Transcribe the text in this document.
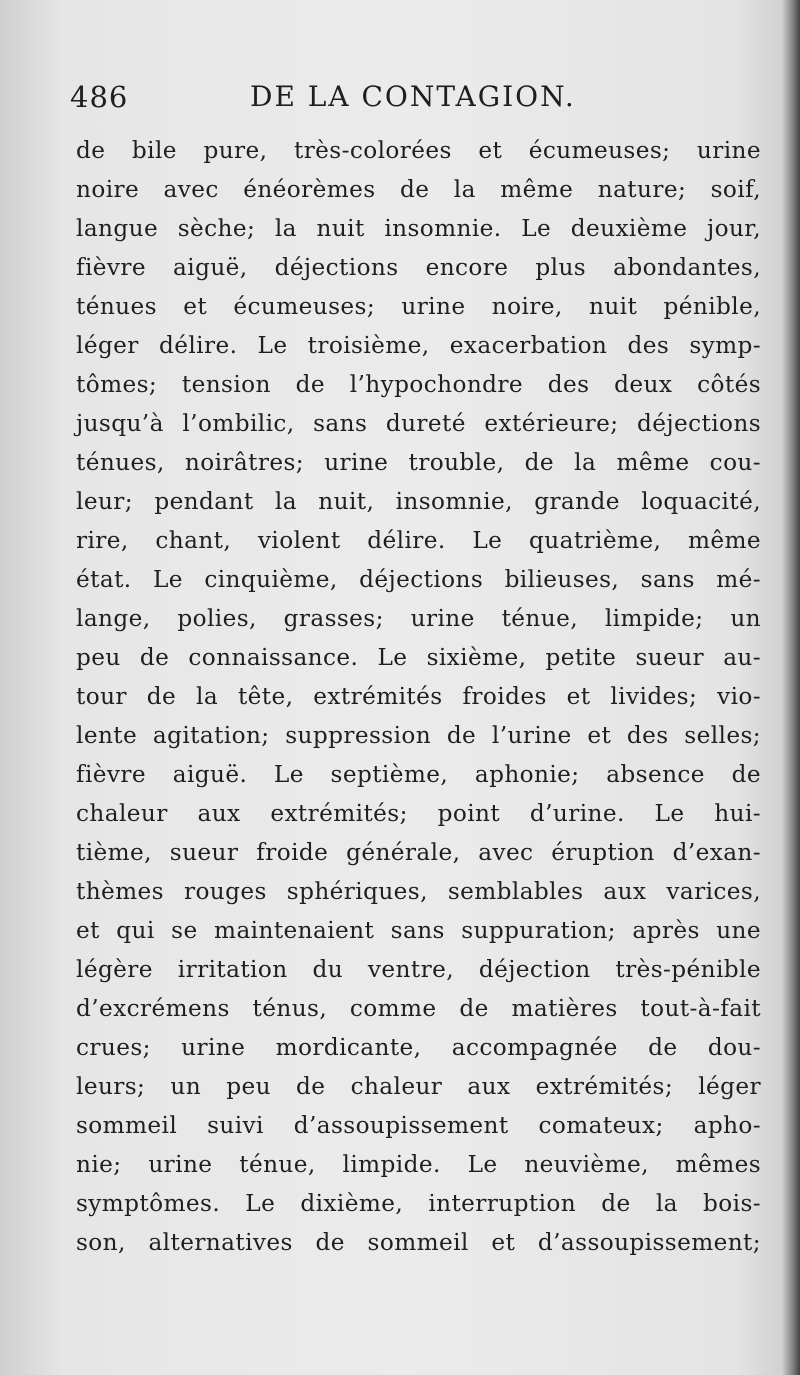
486	DE LA CONTAGION.
de bile pure, très-colorées et écumeuses; urine
noire avec énéorèmes de la même nature; soif,
langue sèche; la nuit insomnie. Le deuxième jour,
fièvre aiguë, déjections encore plus abondantes,
ténues et écumeuses; urine noire, nuit pénible,
léger délire. Le troisième, exacerbation des symp-
tômes; tension de l’hypochondre des deux côtés
jusqu’à l’ombilic, sans dureté extérieure; déjections
ténues, noirâtres; urine trouble, de la même cou-
leur; pendant la nuit, insomnie, grande loquacité,
rire, chant, violent délire. Le quatrième, même
état. Le cinquième, déjections bilieuses, sans mé-
lange, polies, grasses; urine ténue, limpide; un
peu de connaissance. Le sixième, petite sueur au-
tour de la tête, extrémités froides et livides; vio-
lente agitation; suppression de l’urine et des selles;
fièvre aiguë. Le septième, aphonie; absence de
chaleur aux extrémités; point d’urine. Le hui-
tième, sueur froide générale, avec éruption d’exan-
thèmes rouges sphériques, semblables aux varices,
et qui se maintenaient sans suppuration; après une
légère irritation du ventre, déjection très-pénible
d’excrémens ténus, comme de matières tout-à-fait
crues; urine mordicante, accompagnée de dou-
leurs; un peu de chaleur aux extrémités; léger
sommeil suivi d’assoupissement comateux; apho-
nie; urine ténue, limpide. Le neuvième, mêmes
symptômes. Le dixième, interruption de la bois-
son, alternatives de sommeil et d’assoupissement;
